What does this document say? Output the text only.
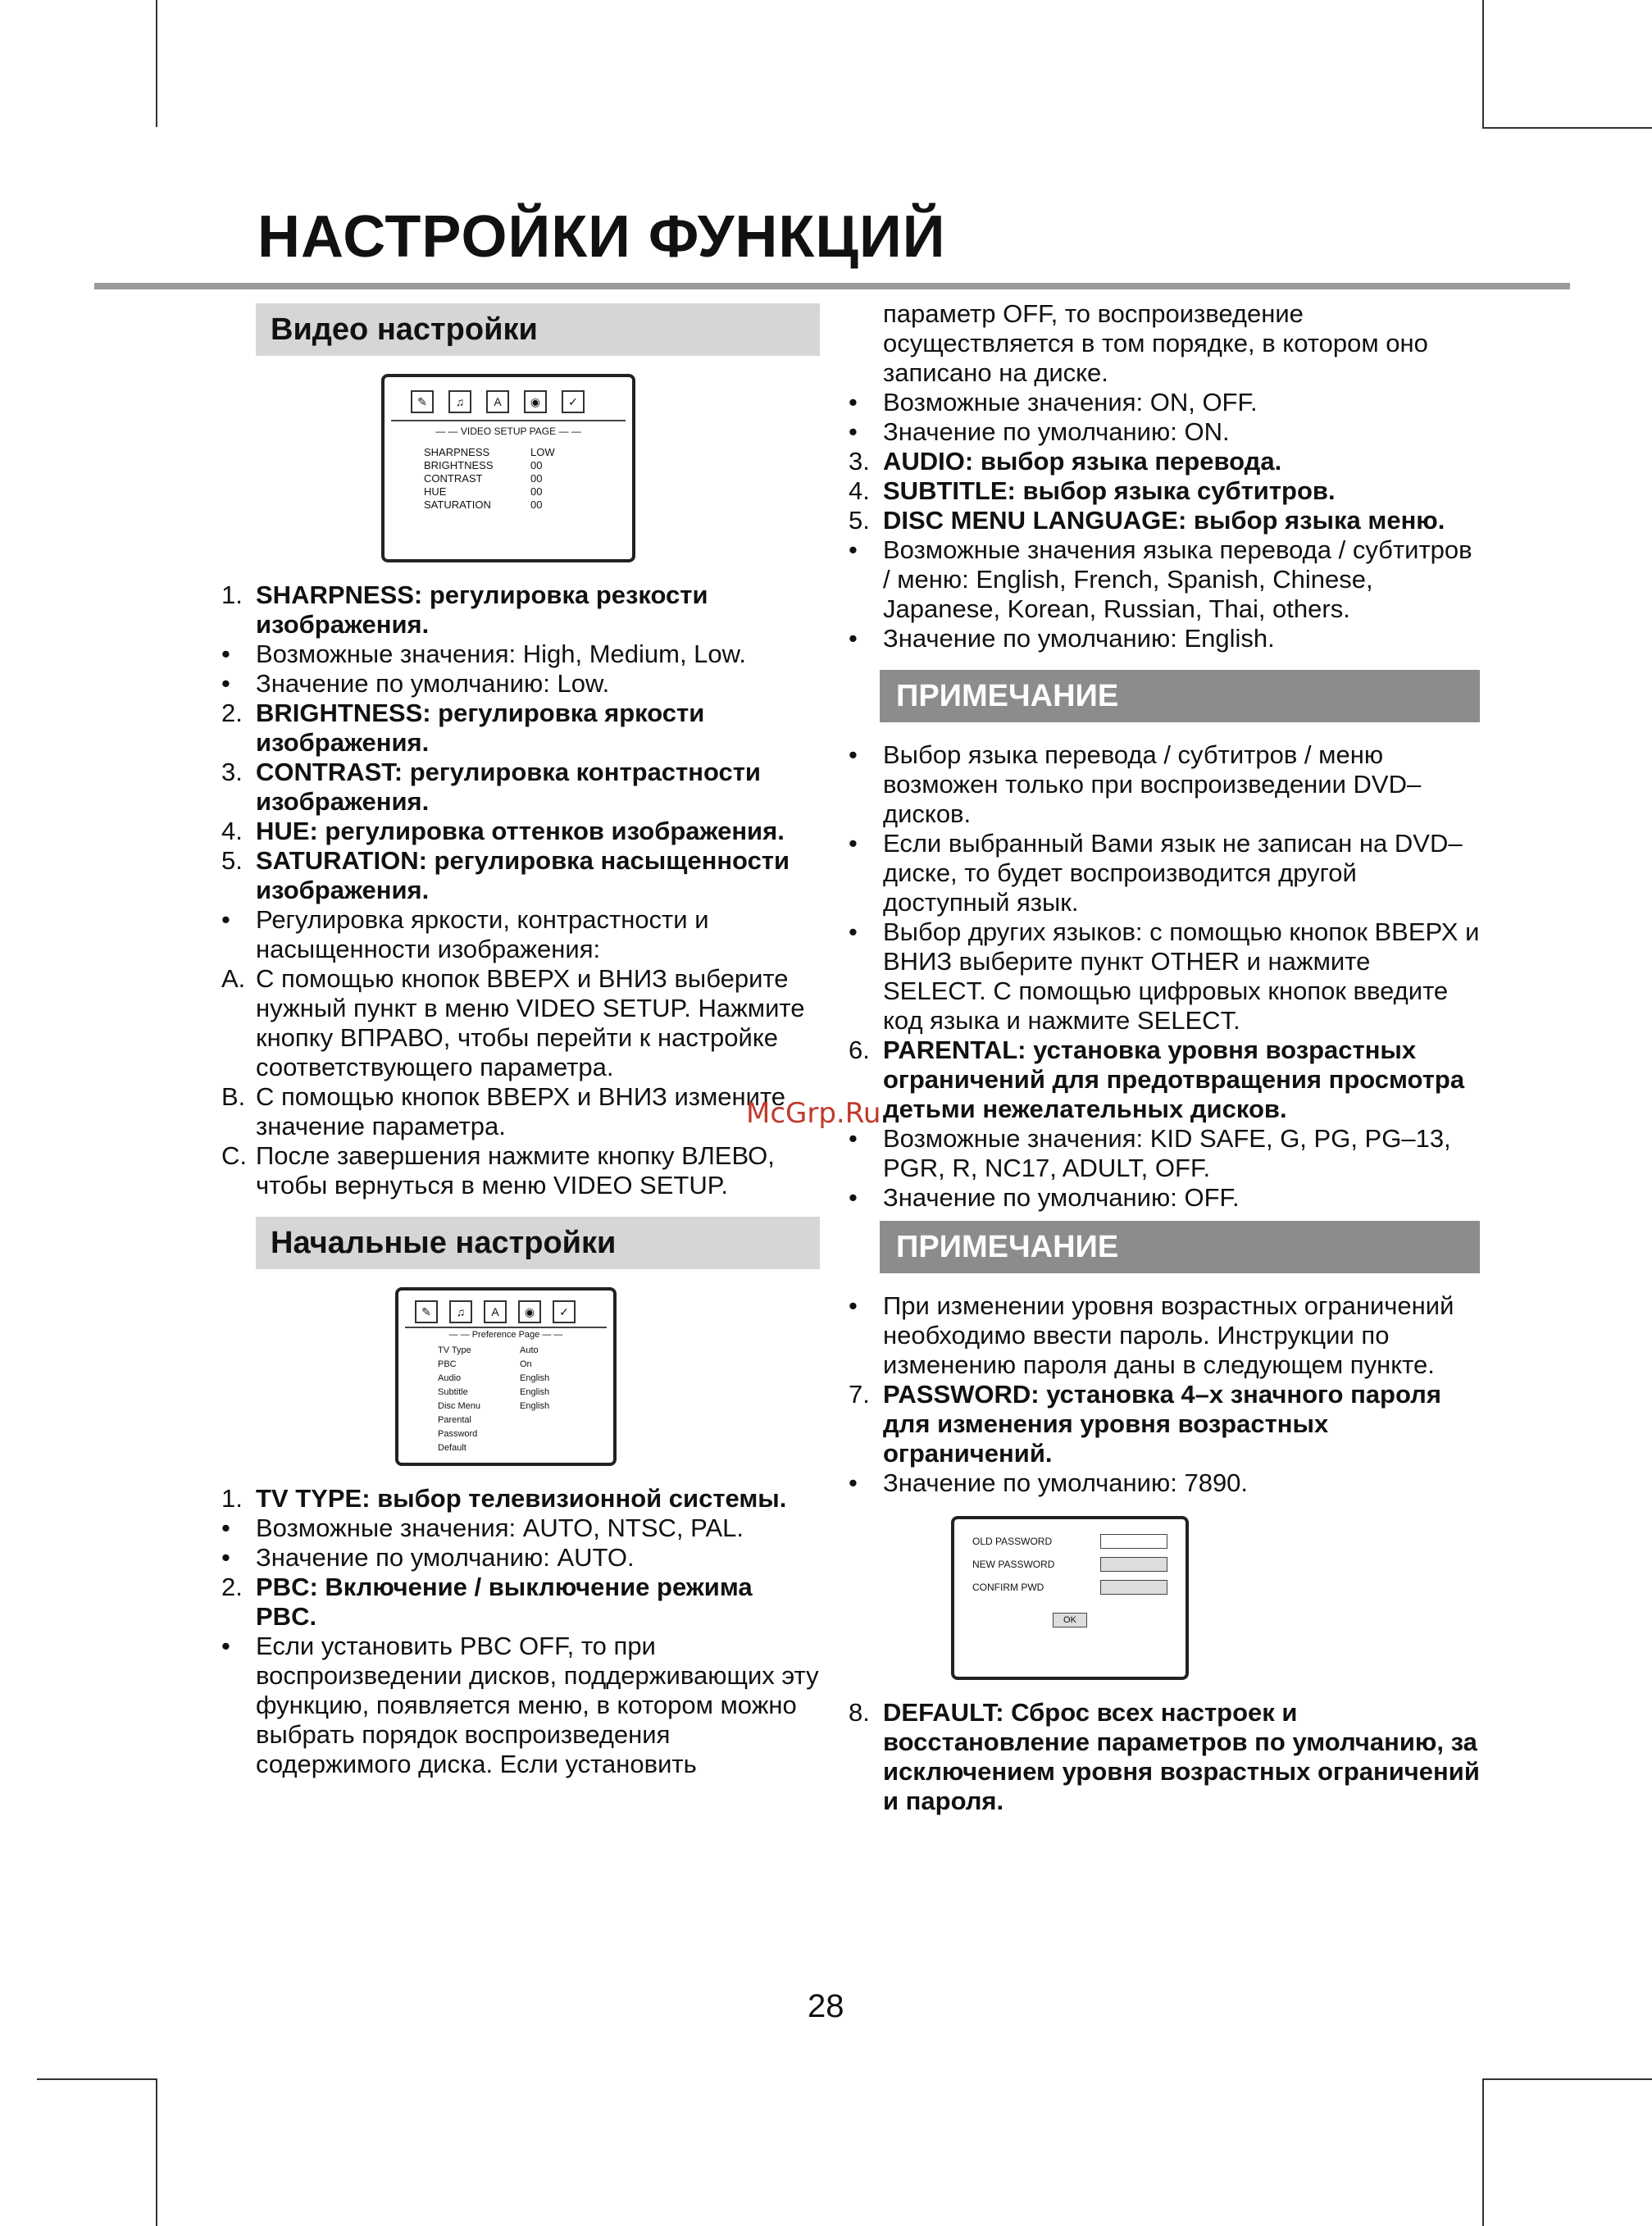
НАСТРОЙКИ ФУНКЦИЙ
Видео настройки
✎	♫	A	◉	✓
— — VIDEO SETUP PAGE — —
SHARPNESS	LOW
BRIGHTNESS	00
CONTRAST	00
HUE	00
SATURATION	00
1. SHARPNESS: регулировка резкости изображения.
•	Возможные значения: High, Medium, Low.
•	Значение по умолчанию: Low.
2. BRIGHTNESS: регулировка яркости изображения.
3. CONTRAST: регулировка контрастности изображения.
4. HUE: регулировка оттенков изображения.
5. SATURATION: регулировка насыщенности изображения.
•	Регулировка яркости, контрастности и насыщенности изображения:
A. С помощью кнопок ВВЕРХ и ВНИЗ выберите нужный пункт в меню VIDEO SETUP. Нажмите кнопку ВПРАВО, чтобы перейти к настройке соответствующего параметра.
B. С помощью кнопок ВВЕРХ и ВНИЗ измените значение параметра.
C. После завершения нажмите кнопку ВЛЕВО, чтобы вернуться в меню VIDEO SETUP.
Начальные настройки
✎	♫	A	◉	✓
— — Preference Page — —
TV Type	Auto
PBC	On
Audio	English
Subtitle	English
Disc Menu	English
Parental
Password
Default
1. TV TYPE: выбор телевизионной системы.
•	Возможные значения: AUTO, NTSC, PAL.
•	Значение по умолчанию: AUTO.
2. PBC: Включение / выключение режима PBC.
•	Если установить PBC OFF, то при воспроизведении дисков, поддерживающих эту функцию, появляется меню, в котором можно выбрать порядок воспроизведения содержимого диска. Если установить
параметр OFF, то воспроизведение осуществляется в том порядке, в котором оно записано на диске.
•	Возможные значения: ON, OFF.
•	Значение по умолчанию: ON.
3. AUDIO: выбор языка перевода.
4. SUBTITLE: выбор языка субтитров.
5. DISC MENU LANGUAGE: выбор языка меню.
•	Возможные значения языка перевода / субтитров / меню: English, French, Spanish, Chinese, Japanese, Korean, Russian, Thai, others.
•	Значение по умолчанию: English.
ПРИМЕЧАНИЕ
•	Выбор языка перевода / субтитров / меню возможен только при воспроизведении DVD–дисков.
•	Если выбранный Вами язык не записан на DVD–диске, то будет воспроизводится другой доступный язык.
•	Выбор других языков: с помощью кнопок ВВЕРХ и ВНИЗ выберите пункт OTHER и нажмите SELECT. С помощью цифровых кнопок введите код языка и нажмите SELECT.
6. PARENTAL: установка уровня возрастных ограничений для предотвращения просмотра детьми нежелательных дисков.
•	Возможные значения: KID SAFE, G, PG, PG–13, PGR, R, NC17, ADULT, OFF.
•	Значение по умолчанию: OFF.
ПРИМЕЧАНИЕ
•	При изменении уровня возрастных ограничений необходимо ввести пароль. Инструкции по изменению пароля даны в следующем пункте.
7. PASSWORD: установка 4–х значного пароля для изменения уровня возрастных ограничений.
•	Значение по умолчанию: 7890.
OLD PASSWORD
NEW PASSWORD
CONFIRM PWD
OK
8. DEFAULT: Сброс всех настроек и восстановление параметров по умолчанию, за исключением уровня возрастных ограничений и пароля.
McGrp.Ru
28
